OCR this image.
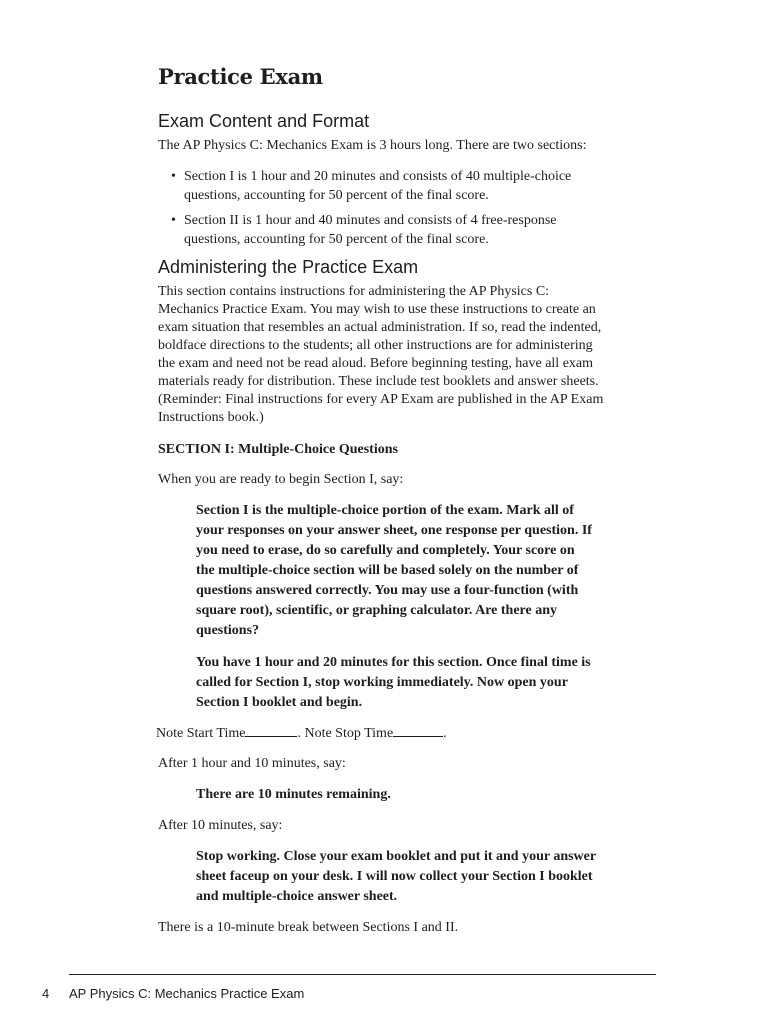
Practice Exam
Exam Content and Format

The AP Physics C: Mechanics Exam is 3 hours long. There are two sections:

• Section I is 1 hour and 20 minutes and consists of 40 multiple-choice questions, accounting for 50 percent of the final score.
• Section II is 1 hour and 40 minutes and consists of 4 free-response questions, accounting for 50 percent of the final score.
Administering the Practice Exam

This section contains instructions for administering the AP Physics C: Mechanics Practice Exam. You may wish to use these instructions to create an exam situation that resembles an actual administration. If so, read the indented, boldface directions to the students; all other instructions are for administering the exam and need not be read aloud. Before beginning testing, have all exam materials ready for distribution. These include test booklets and answer sheets. (Reminder: Final instructions for every AP Exam are published in the AP Exam Instructions book.)

SECTION I: Multiple-Choice Questions

When you are ready to begin Section I, say:

Section I is the multiple-choice portion of the exam. Mark all of your responses on your answer sheet, one response per question. If you need to erase, do so carefully and completely. Your score on the multiple-choice section will be based solely on the number of questions answered correctly. You may use a four-function (with square root), scientific, or graphing calculator. Are there any questions?

You have 1 hour and 20 minutes for this section. Once final time is called for Section I, stop working immediately. Now open your Section I booklet and begin.

Note Start Time	. Note Stop Time	.

After 1 hour and 10 minutes, say:

There are 10 minutes remaining.

After 10 minutes, say:

Stop working. Close your exam booklet and put it and your answer sheet faceup on your desk. I will now collect your Section I booklet and multiple-choice answer sheet.

There is a 10-minute break between Sections I and II.

4 AP Physics C: Mechanics Practice Exam
